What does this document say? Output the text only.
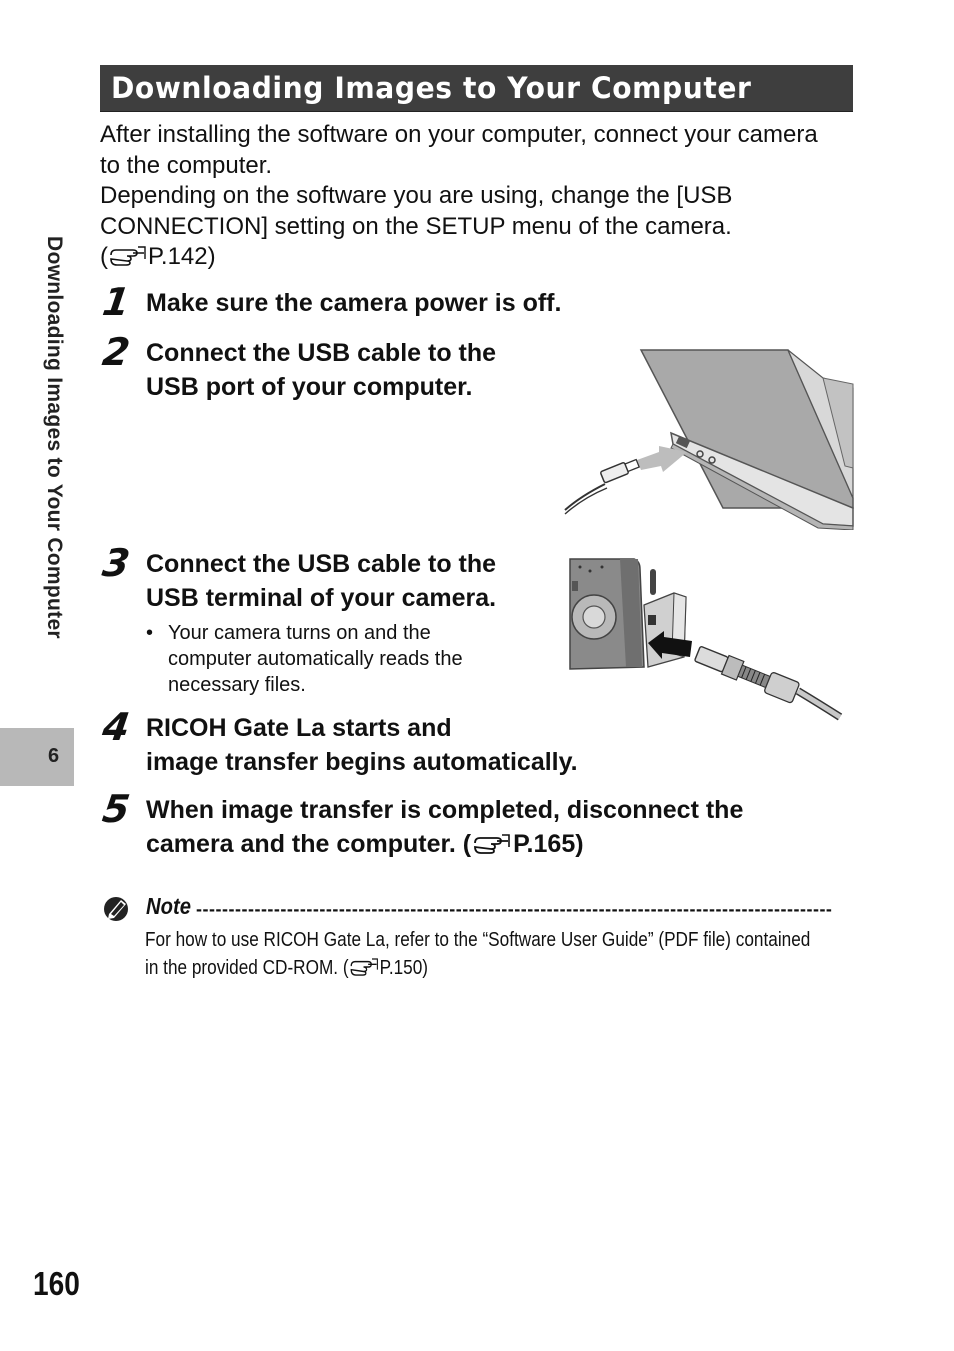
Downloading Images to Your Computer
Downloading Images to Your Computer
6

After installing the software on your computer, connect your camera
to the computer.

Depending on the software you are using, change the [USB
CONNECTION] setting on the SETUP menu of the camera.
( P.142)

1 Make sure the camera power is off.
2 Connect the USB cable to the
USB port of your computer.
3 Connect the USB cable to the
USB terminal of your camera.
• Your camera turns on and the
computer automatically reads the
necessary files.
4 RICOH Gate La starts and
image transfer begins automatically.
5 When image transfer is completed, disconnect the
camera and the computer. ( P.165)
Note --------------------------------------------------------------------------------------------------
For how to use RICOH Gate La, refer to the “Software User Guide” (PDF file) contained
in the provided CD-ROM. ( P.150)
160
